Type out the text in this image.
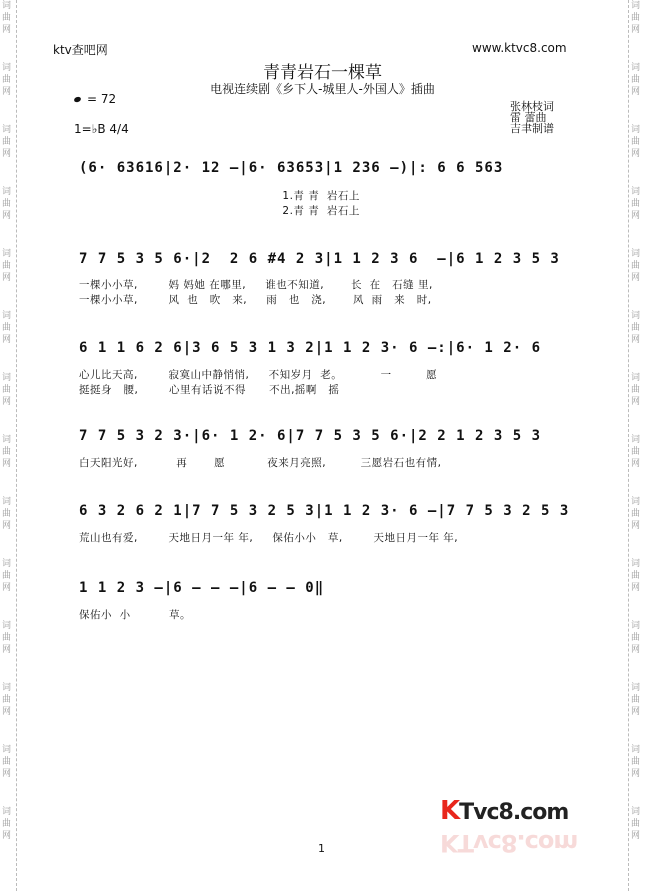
词
曲
网
词
曲
网
词
曲
网
词
曲
网
词
曲
网
词
曲
网
词
曲
网
词
曲
网
词
曲
网
词
曲
网
词
曲
网
词
曲
网
词
曲
网
词
曲
网
词
曲
网
词
曲
网
词
曲
网
词
曲
网
词
曲
网
词
曲
网
词
曲
网
词
曲
网
词
曲
网
词
曲
网
词
曲
网
词
曲
网
词
曲
网
词
曲
网
ktv查吧网	www.ktvc8.com
青青岩石一棵草
电视连续剧《乡下人-城里人-外国人》插曲
= 72
1=♭B 4/4
张林枝词
雷 蕾曲
吉聿制谱
(6· 63616|2· 12 —|6· 63653|1 236 —)|: 6 6 563
1.青 青  岩石上
2.青 青  岩石上
7 7 5 3 5 6·|2  2 6 #4 2 3|1 1 2 3 6  —|6 1 2 3 5 3
一棵小小草,        妈 妈她 在哪里,     谁也不知道,       长  在   石缝 里,
一棵小小草,        风  也   吹   来,     雨   也   浇,       风  雨   来   时,
6 1 1 6 2 6|3 6 5 3 1 3 2|1 1 2 3· 6 —:|6· 1 2· 6
心儿比天高,        寂寞山中静悄悄,     不知岁月  老。          一         愿
挺挺身   腰,        心里有话说不得      不出,摇啊   摇
7 7 5 3 2 3·|6· 1 2· 6|7 7 5 3 5 6·|2 2 1 2 3 5 3
白天阳光好,          再       愿           夜来月亮照,         三愿岩石也有情,
6 3 2 6 2 1|7 7 5 3 2 5 3|1 1 2 3· 6 —|7 7 5 3 2 5 3
荒山也有爱,        天地日月一年 年,     保佑小小   草,        天地日月一年 年,
1 1 2 3 —|6 — — —|6 — — 0‖
保佑小  小          草。
KTvc8.com
KTvc8.com
1
